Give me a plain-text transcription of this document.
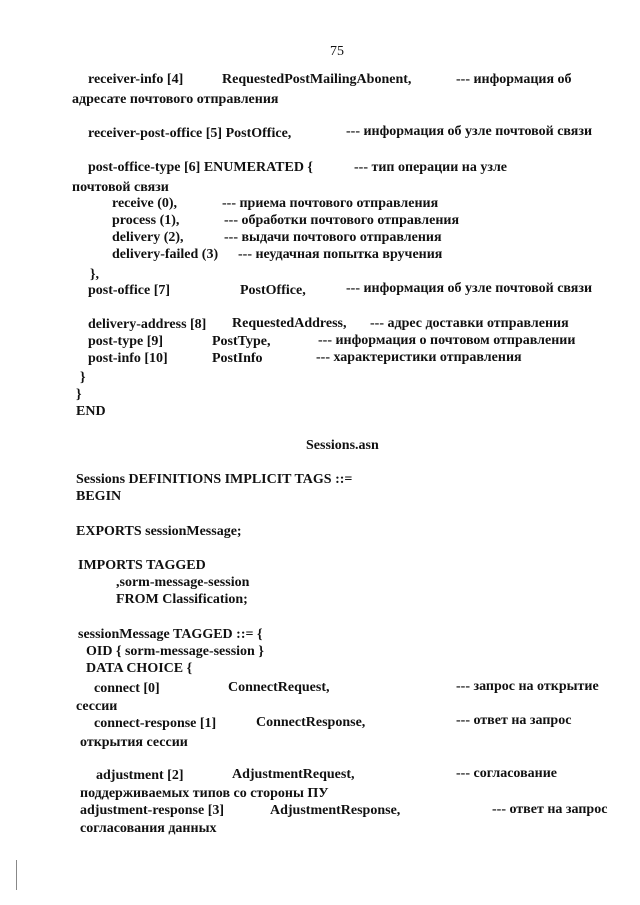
75
receiver-info [4]	RequestedPostMailingAbonent,	--- информация об
адресате почтового отправления
receiver-post-office [5] PostOffice,	--- информация об узле почтовой связи
post-office-type [6] ENUMERATED {	--- тип операции на узле
почтовой связи
receive (0),	--- приема почтового отправления
process (1),	--- обработки почтового отправления
delivery (2),	--- выдачи почтового отправления
delivery-failed (3) --- неудачная попытка вручения
},
post-office [7]	PostOffice,	--- информация об узле почтовой связи
delivery-address [8] RequestedAddress, --- адрес доставки отправления
post-type [9]	PostType,	--- информация о почтовом отправлении
post-info [10]	PostInfo	--- характеристики отправления
}
}
END
Sessions.asn
Sessions DEFINITIONS IMPLICIT TAGS ::=
BEGIN
EXPORTS sessionMessage;
IMPORTS TAGGED
,sorm-message-session
FROM Classification;
sessionMessage TAGGED ::= {
OID { sorm-message-session }
DATA CHOICE {
connect [0]	ConnectRequest,	--- запрос на открытие
сессии
connect-response [1]	ConnectResponse,	--- ответ на запрос
открытия сессии
adjustment [2]	AdjustmentRequest,	--- согласование
поддерживаемых типов со стороны ПУ
adjustment-response [3]	AdjustmentResponse,	--- ответ на запрос
согласования данных
